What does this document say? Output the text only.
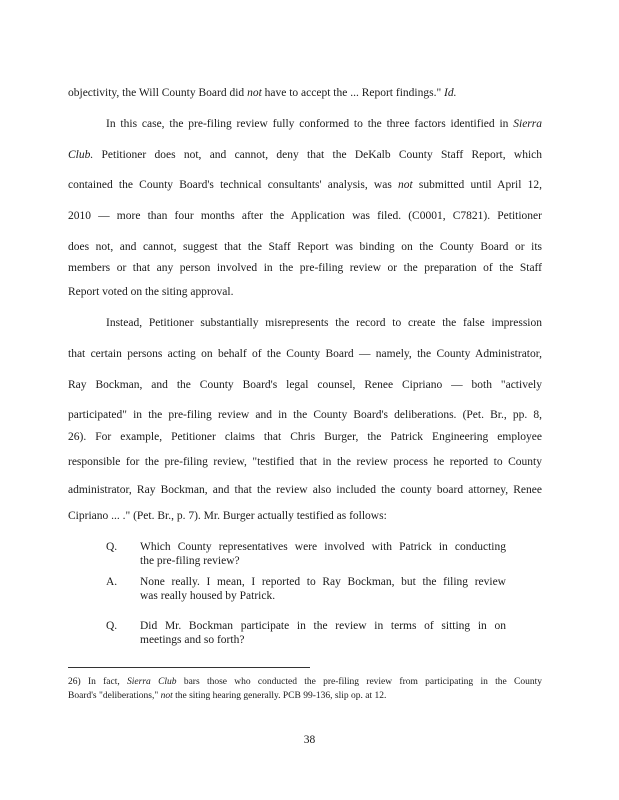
objectivity, the Will County Board did not have to accept the ... Report findings." Id.
In this case, the pre-filing review fully conformed to the three factors identified in Sierra
Club. Petitioner does not, and cannot, deny that the DeKalb County Staff Report, which
contained the County Board's technical consultants' analysis, was not submitted until April 12,
2010 — more than four months after the Application was filed. (C0001, C7821). Petitioner
does not, and cannot, suggest that the Staff Report was binding on the County Board or its
members or that any person involved in the pre-filing review or the preparation of the Staff
Report voted on the siting approval.
Instead, Petitioner substantially misrepresents the record to create the false impression
that certain persons acting on behalf of the County Board — namely, the County Administrator,
Ray Bockman, and the County Board's legal counsel, Renee Cipriano — both "actively
participated" in the pre-filing review and in the County Board's deliberations. (Pet. Br., pp. 8,
26). For example, Petitioner claims that Chris Burger, the Patrick Engineering employee
responsible for the pre-filing review, "testified that in the review process he reported to County
administrator, Ray Bockman, and that the review also included the county board attorney, Renee
Cipriano ... ." (Pet. Br., p. 7). Mr. Burger actually testified as follows:
Q. Which County representatives were involved with Patrick in conducting
the pre-filing review?
A. None really. I mean, I reported to Ray Bockman, but the filing review
was really housed by Patrick.
Q. Did Mr. Bockman participate in the review in terms of sitting in on
meetings and so forth?
26) In fact, Sierra Club bars those who conducted the pre-filing review from participating in the County
Board's "deliberations," not the siting hearing generally. PCB 99-136, slip op. at 12.
38
